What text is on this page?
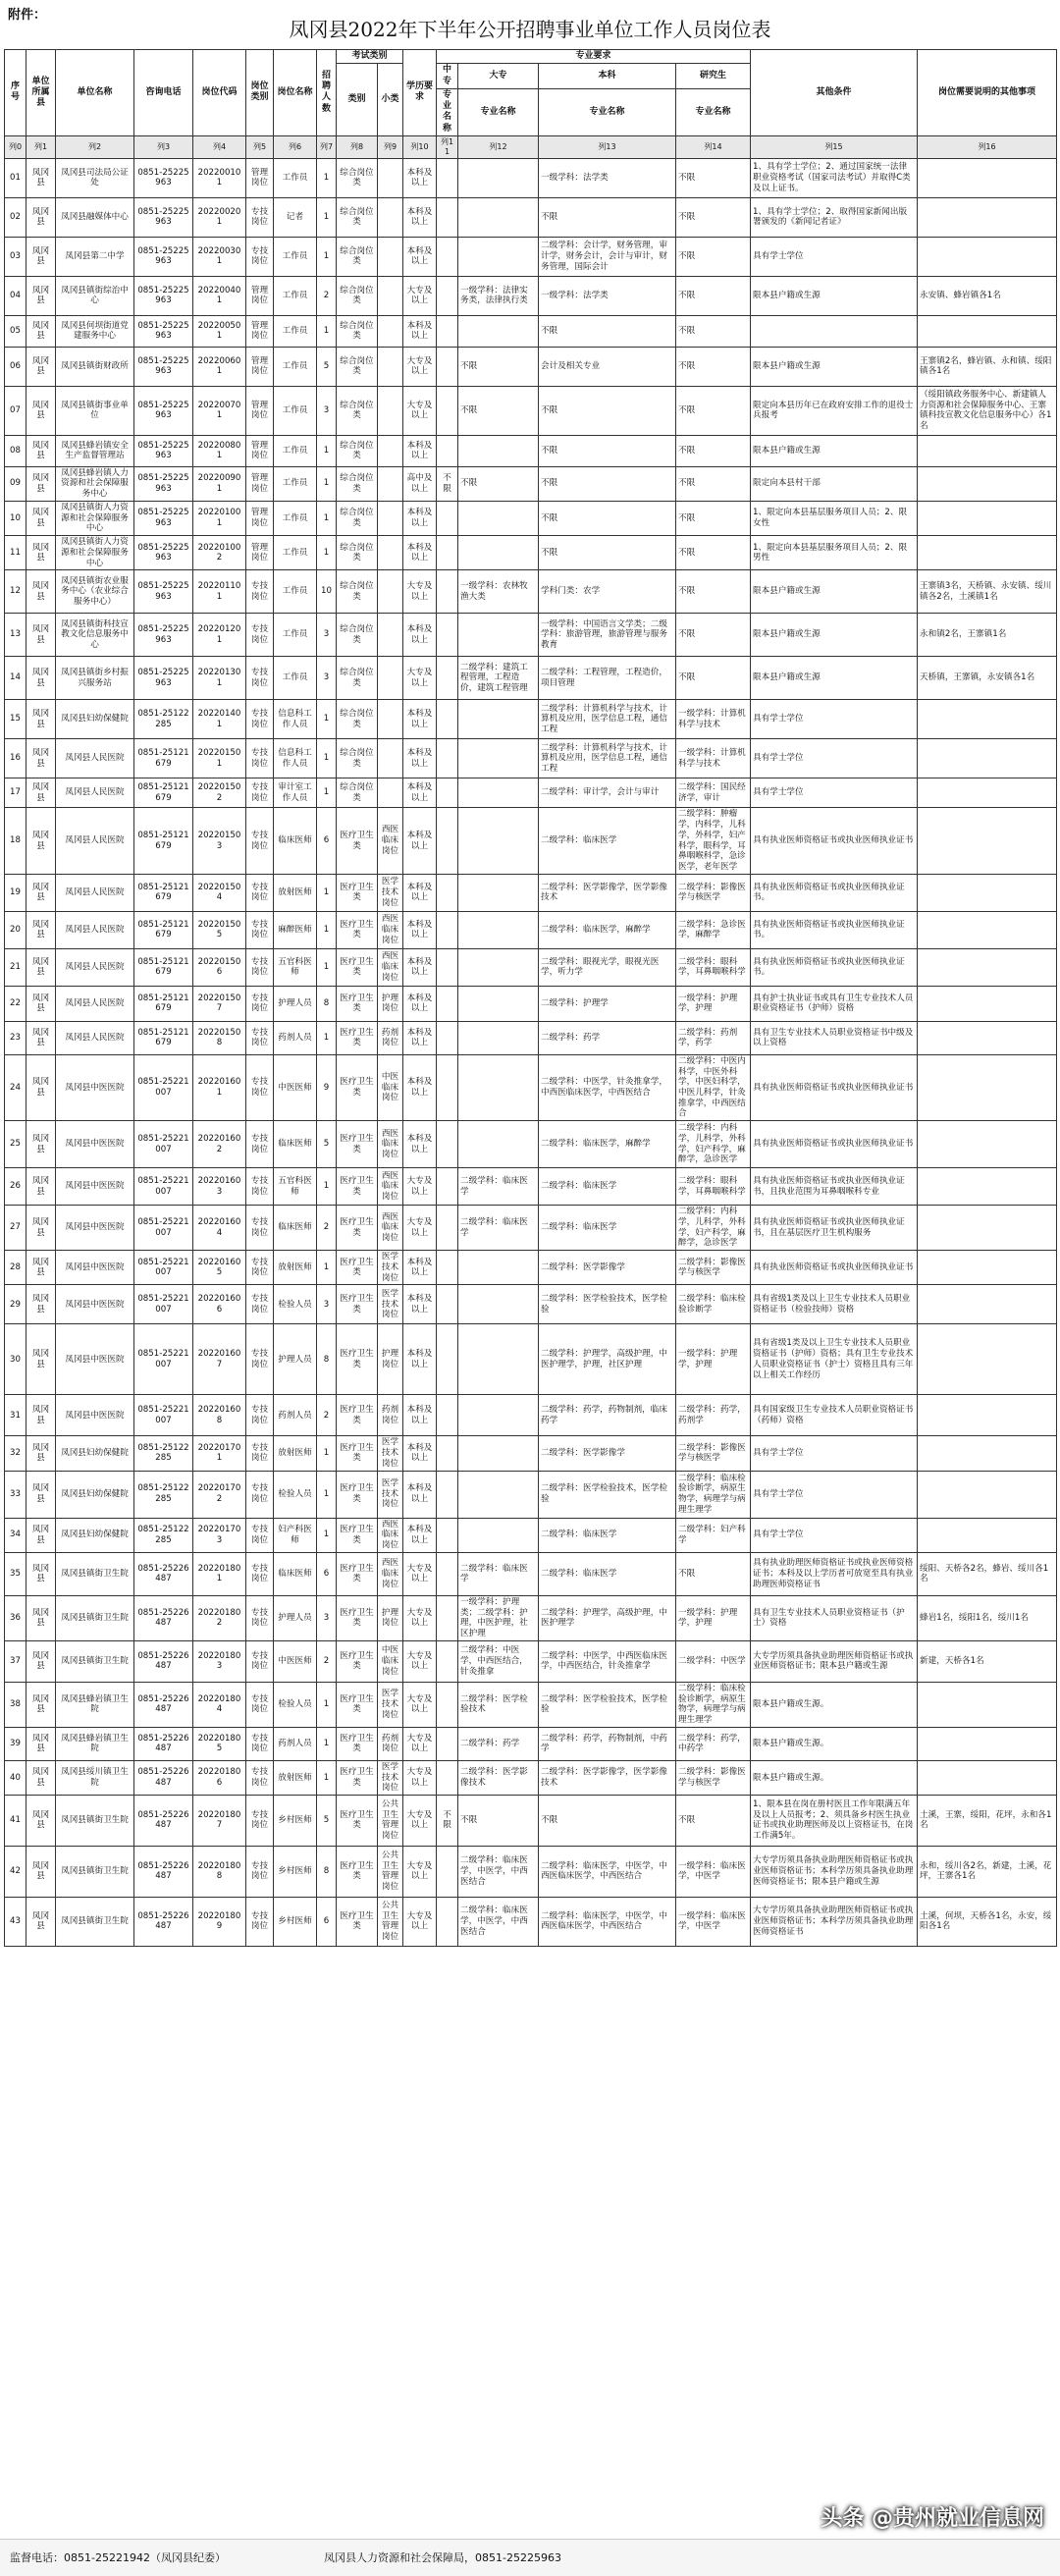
附件：
凤冈县2022年下半年公开招聘事业单位工作人员岗位表
序号	单位所属县	单位名称	咨询电话	岗位代码	岗位类别	岗位名称	招聘人数	考试类别		学历要求	专业要求				其他条件	岗位需要说明的其他事项
								类别	小类		中专	大专	本科	研究生		
											专业名称	专业名称	专业名称	专业名称		
列0	列1	列2	列3	列4	列5	列6	列7	列8	列9	列10	列11	列12	列13	列14	列15	列16
01	凤冈县	凤冈县司法局公证处	0851-25225963	202200101	管理岗位	工作员	1	综合岗位类		本科及以上			一级学科：法学类	不限	1、具有学士学位；2、通过国家统一法律职业资格考试（国家司法考试）并取得C类及以上证书。	
02	凤冈县	凤冈县融媒体中心	0851-25225963	202200201	专技岗位	记者	1	综合岗位类		本科及以上			不限	不限	1、具有学士学位；2、取得国家新闻出版署颁发的《新闻记者证》	
03	凤冈县	凤冈县第二中学	0851-25225963	202200301	专技岗位	工作员	1	综合岗位类		本科及以上			二级学科：会计学，财务管理，审计学，财务会计，会计与审计，财务管理，国际会计	不限	具有学士学位	
04	凤冈县	凤冈县镇街综治中心	0851-25225963	202200401	管理岗位	工作员	2	综合岗位类		大专及以上		一级学科：法律实务类，法律执行类	一级学科：法学类	不限	限本县户籍或生源	永安镇、蜂岩镇各1名
05	凤冈县	凤冈县何坝街道党建服务中心	0851-25225963	202200501	管理岗位	工作员	1	综合岗位类		本科及以上			不限	不限		
06	凤冈县	凤冈县镇街财政所	0851-25225963	202200601	管理岗位	工作员	5	综合岗位类		大专及以上		不限	会计及相关专业	不限	限本县户籍或生源	王寨镇2名，蜂岩镇、永和镇、绥阳镇各1名
07	凤冈县	凤冈县镇街事业单位	0851-25225963	202200701	管理岗位	工作员	3	综合岗位类		大专及以上		不限	不限	不限	限定向本县历年已在政府安排工作的退役士兵报考	（绥阳镇政务服务中心、新建镇人力资源和社会保障服务中心、王寨镇科技宣教文化信息服务中心）各1名
08	凤冈县	凤冈县蜂岩镇安全生产监督管理站	0851-25225963	202200801	管理岗位	工作员	1	综合岗位类		本科及以上			不限	不限	限本县户籍或生源	
09	凤冈县	凤冈县蜂岩镇人力资源和社会保障服务中心	0851-25225963	202200901	管理岗位	工作员	1	综合岗位类		高中及以上	不限	不限	不限	不限	限定向本县村干部	
10	凤冈县	凤冈县镇街人力资源和社会保障服务中心	0851-25225963	202201001	管理岗位	工作员	1	综合岗位类		本科及以上			不限	不限	1、限定向本县基层服务项目人员；2、限女性	
11	凤冈县	凤冈县镇街人力资源和社会保障服务中心	0851-25225963	202201002	管理岗位	工作员	1	综合岗位类		本科及以上			不限	不限	1、限定向本县基层服务项目人员；2、限男性	
12	凤冈县	凤冈县镇街农业服务中心（农业综合服务中心）	0851-25225963	202201101	专技岗位	工作员	10	综合岗位类		大专及以上		一级学科：农林牧渔大类	学科门类：农学	不限	限本县户籍或生源	王寨镇3名，天桥镇、永安镇、绥川镇各2名，土溪镇1名
13	凤冈县	凤冈县镇街科技宣教文化信息服务中心	0851-25225963	202201201	专技岗位	工作员	3	综合岗位类		本科及以上			一级学科：中国语言文学类；二级学科：旅游管理，旅游管理与服务教育	不限	限本县户籍或生源	永和镇2名，王寨镇1名
14	凤冈县	凤冈县镇街乡村振兴服务站	0851-25225963	202201301	专技岗位	工作员	3	综合岗位类		大专及以上		二级学科：建筑工程管理，工程造价，建筑工程管理	二级学科：工程管理，工程造价，项目管理	不限	限本县户籍或生源	天桥镇，王寨镇，永安镇各1名
15	凤冈县	凤冈县妇幼保健院	0851-25122285	202201401	专技岗位	信息科工作人员	1	综合岗位类		本科及以上			二级学科：计算机科学与技术，计算机及应用，医学信息工程，通信工程	一级学科：计算机科学与技术	具有学士学位	
16	凤冈县	凤冈县人民医院	0851-25121679	202201501	专技岗位	信息科工作人员	1	综合岗位类		本科及以上			二级学科：计算机科学与技术，计算机及应用，医学信息工程，通信工程	一级学科：计算机科学与技术	具有学士学位	
17	凤冈县	凤冈县人民医院	0851-25121679	202201502	专技岗位	审计室工作人员	1	综合岗位类		本科及以上			二级学科：审计学，会计与审计	二级学科：国民经济学，审计	具有学士学位	
18	凤冈县	凤冈县人民医院	0851-25121679	202201503	专技岗位	临床医师	6	医疗卫生类	西医临床岗位	本科及以上			二级学科：临床医学	二级学科：肿瘤学，内科学，儿科学，外科学，妇产科学，眼科学，耳鼻咽喉科学，急诊医学，老年医学	具有执业医师资格证书或执业医师执业证书	
19	凤冈县	凤冈县人民医院	0851-25121679	202201504	专技岗位	放射医师	1	医疗卫生类	医学技术岗位	本科及以上			二级学科：医学影像学，医学影像技术	二级学科：影像医学与核医学	具有执业医师资格证书或执业医师执业证书。	
20	凤冈县	凤冈县人民医院	0851-25121679	202201505	专技岗位	麻醉医师	1	医疗卫生类	西医临床岗位	本科及以上			二级学科：临床医学，麻醉学	二级学科：急诊医学，麻醉学	具有执业医师资格证书或执业医师执业证书。	
21	凤冈县	凤冈县人民医院	0851-25121679	202201506	专技岗位	五官科医师	1	医疗卫生类	西医临床岗位	本科及以上			二级学科：眼视光学，眼视光医学，听力学	二级学科：眼科学，耳鼻咽喉科学	具有执业医师资格证书或执业医师执业证书。	
22	凤冈县	凤冈县人民医院	0851-25121679	202201507	专技岗位	护理人员	8	医疗卫生类	护理岗位	本科及以上			二级学科：护理学	一级学科：护理学，护理	具有护士执业证书或具有卫生专业技术人员职业资格证书（护师）资格	
23	凤冈县	凤冈县人民医院	0851-25121679	202201508	专技岗位	药剂人员	1	医疗卫生类	药剂岗位	本科及以上			二级学科：药学	二级学科：药剂学，药学	具有卫生专业技术人员职业资格证书中级及以上资格	
24	凤冈县	凤冈县中医医院	0851-25221007	202201601	专技岗位	中医医师	9	医疗卫生类	中医临床岗位	本科及以上			二级学科：中医学，针灸推拿学，中西医临床医学，中西医结合	二级学科：中医内科学，中医外科学，中医妇科学，中医儿科学，针灸推拿学，中西医结合	具有执业医师资格证书或执业医师执业证书	
25	凤冈县	凤冈县中医医院	0851-25221007	202201602	专技岗位	临床医师	5	医疗卫生类	西医临床岗位	本科及以上			二级学科：临床医学，麻醉学	二级学科：内科学，儿科学，外科学，妇产科学，麻醉学，急诊医学	具有执业医师资格证书或执业医师执业证书	
26	凤冈县	凤冈县中医医院	0851-25221007	202201603	专技岗位	五官科医师	1	医疗卫生类	西医临床岗位	大专及以上		二级学科：临床医学	二级学科：临床医学	二级学科：眼科学，耳鼻咽喉科学	具有执业医师资格证书或执业医师执业证书，且执业范围为耳鼻咽喉科专业	
27	凤冈县	凤冈县中医医院	0851-25221007	202201604	专技岗位	临床医师	2	医疗卫生类	西医临床岗位	大专及以上		二级学科：临床医学	二级学科：临床医学	二级学科：内科学，儿科学，外科学，妇产科学，麻醉学，急诊医学	具有执业医师资格证书或执业医师执业证书，且在基层医疗卫生机构服务	
28	凤冈县	凤冈县中医医院	0851-25221007	202201605	专技岗位	放射医师	1	医疗卫生类	医学技术岗位	本科及以上			二级学科：医学影像学	二级学科：影像医学与核医学	具有执业医师资格证书或执业医师执业证书	
29	凤冈县	凤冈县中医医院	0851-25221007	202201606	专技岗位	检验人员	3	医疗卫生类	医学技术岗位	本科及以上			二级学科：医学检验技术，医学检验	二级学科：临床检验诊断学	具有省级1类及以上卫生专业技术人员职业资格证书（检验技师）资格	
30	凤冈县	凤冈县中医医院	0851-25221007	202201607	专技岗位	护理人员	8	医疗卫生类	护理岗位	本科及以上			二级学科：护理学，高级护理，中医护理学，护理，社区护理	一级学科：护理学，护理	具有省级1类及以上卫生专业技术人员职业资格证书（护师）资格；具有卫生专业技术人员职业资格证书（护士）资格且具有三年以上相关工作经历	
31	凤冈县	凤冈县中医医院	0851-25221007	202201608	专技岗位	药剂人员	2	医疗卫生类	药剂岗位	本科及以上			二级学科：药学，药物制剂，临床药学	二级学科：药学，药剂学	具有国家级卫生专业技术人员职业资格证书（药师）资格	
32	凤冈县	凤冈县妇幼保健院	0851-25122285	202201701	专技岗位	放射医师	1	医疗卫生类	医学技术岗位	本科及以上			二级学科：医学影像学	二级学科：影像医学与核医学	具有学士学位	
33	凤冈县	凤冈县妇幼保健院	0851-25122285	202201702	专技岗位	检验人员	1	医疗卫生类	医学技术岗位	本科及以上			二级学科：医学检验技术，医学检验	二级学科：临床检验诊断学，病原生物学，病理学与病理生理学	具有学士学位	
34	凤冈县	凤冈县妇幼保健院	0851-25122285	202201703	专技岗位	妇产科医师	1	医疗卫生类	西医临床岗位	本科及以上			二级学科：临床医学	二级学科：妇产科学	具有学士学位	
35	凤冈县	凤冈县镇街卫生院	0851-25226487	202201801	专技岗位	临床医师	6	医疗卫生类	西医临床岗位	大专及以上		二级学科：临床医学	二级学科：临床医学	不限	具有执业助理医师资格证书或执业医师资格证书；本科及以上学历者可放宽至具有执业助理医师资格证书	绥阳、天桥各2名，蜂岩、绥川各1名
36	凤冈县	凤冈县镇街卫生院	0851-25226487	202201802	专技岗位	护理人员	3	医疗卫生类	护理岗位	大专及以上		一级学科：护理类；二级学科：护理，中医护理，社区护理	二级学科：护理学，高级护理，中医护理学	一级学科：护理学，护理	具有卫生专业技术人员职业资格证书（护士）资格	蜂岩1名，绥阳1名，绥川1名
37	凤冈县	凤冈县镇街卫生院	0851-25226487	202201803	专技岗位	中医医师	2	医疗卫生类	中医临床岗位	大专及以上		二级学科：中医学，中西医结合，针灸推拿	二级学科：中医学，中西医临床医学，中西医结合，针灸推拿学	二级学科：中医学	大专学历须具备执业助理医师资格证书或执业医师资格证书；限本县户籍或生源	新建，天桥各1名
38	凤冈县	凤冈县蜂岩镇卫生院	0851-25226487	202201804	专技岗位	检验人员	1	医疗卫生类	医学技术岗位	大专及以上		二级学科：医学检验技术	二级学科：医学检验技术，医学检验	二级学科：临床检验诊断学，病原生物学，病理学与病理生理学	限本县户籍或生源。	
39	凤冈县	凤冈县蜂岩镇卫生院	0851-25226487	202201805	专技岗位	药剂人员	1	医疗卫生类	药剂岗位	大专及以上		二级学科：药学	二级学科：药学，药物制剂，中药学	二级学科：药学，中药学	限本县户籍或生源。	
40	凤冈县	凤冈县绥川镇卫生院	0851-25226487	202201806	专技岗位	放射医师	1	医疗卫生类	医学技术岗位	大专及以上		二级学科：医学影像技术	二级学科：医学影像学，医学影像技术	二级学科：影像医学与核医学	限本县户籍或生源。	
41	凤冈县	凤冈县镇街卫生院	0851-25226487	202201807	专技岗位	乡村医师	5	医疗卫生类	公共卫生管理岗位	大专及以上	不限	不限	不限	不限	1、限本县在岗在册村医且工作年限满五年及以上人员报考；2、须具备乡村医生执业证书或执业助理医师及以上资格证书，在岗工作满5年。	土溪，王寨，绥阳，花坪，永和各1名
42	凤冈县	凤冈县镇街卫生院	0851-25226487	202201808	专技岗位	乡村医师	8	医疗卫生类	公共卫生管理岗位	大专及以上		二级学科：临床医学，中医学，中西医结合	二级学科：临床医学，中医学，中西医临床医学，中西医结合	一级学科：临床医学，中医学	大专学历须具备执业助理医师资格证书或执业医师资格证书；本科学历须具备执业助理医师资格证书；限本县户籍或生源	永和，绥川各2名，新建，土溪，花坪，王寨各1名
43	凤冈县	凤冈县镇街卫生院	0851-25226487	202201809	专技岗位	乡村医师	6	医疗卫生类	公共卫生管理岗位	大专及以上		二级学科：临床医学，中医学，中西医结合	二级学科：临床医学，中医学，中西医临床医学，中西医结合	一级学科：临床医学，中医学	大专学历须具备执业助理医师资格证书或执业医师资格证书；本科学历须具备执业助理医师资格证书	土溪，何坝，天桥各1名，永安，绥阳各1名
头条 @贵州就业信息网
监督电话：0851-25221942（凤冈县纪委）	凤冈县人力资源和社会保障局，0851-25225963
